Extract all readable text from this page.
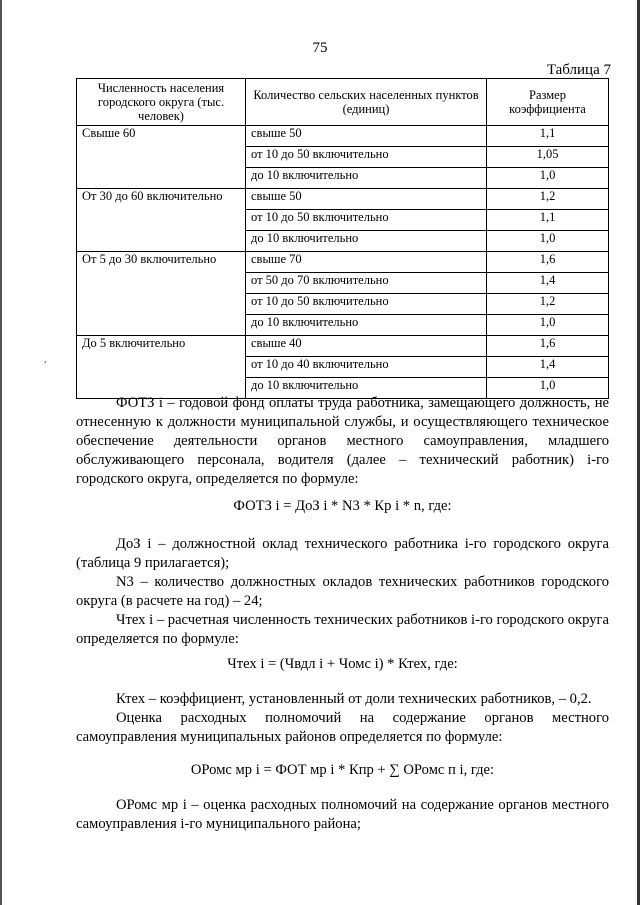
,
75
Таблица 7
Численность населения городского округа (тыс. человек)	Количество сельских населенных пунктов (единиц)	Размер коэффициента
Свыше 60	свыше 50	1,1
	от 10 до 50 включительно	1,05
	до 10 включительно	1,0
От 30 до 60 включительно	свыше 50	1,2
	от 10 до 50 включительно	1,1
	до 10 включительно	1,0
От 5 до 30 включительно	свыше 70	1,6
	от 50 до 70 включительно	1,4
	от 10 до 50 включительно	1,2
	до 10 включительно	1,0
До 5 включительно	свыше 40	1,6
	от 10 до 40 включительно	1,4
	до 10 включительно	1,0

ФОТЗ i – годовой фонд оплаты труда работника, замещающего должность, не отнесенную к должности муниципальной службы, и осуществляющего техническое обеспечение деятельности органов местного самоуправления, младшего обслуживающего персонала, водителя (далее – технический работник) i-го городского округа, определяется по формуле:

ФОТЗ i = ДоЗ i * N3 * Кр i * n, где:

ДоЗ i – должностной оклад технического работника i-го городского округа (таблица 9 прилагается);

N3 – количество должностных окладов технических работников городского округа (в расчете на год) – 24;

Чтех i – расчетная численность технических работников i-го городского округа определяется по формуле:

Чтех i = (Чвдл i + Чомс i) * Ктех, где:

Ктех – коэффициент, установленный от доли технических работников, – 0,2.

Оценка расходных полномочий на содержание органов местного самоуправления муниципальных районов определяется по формуле:

ОРомс мр i = ФОТ мр i * Кпр + ∑ ОРомс п i, где:

ОРомс мр i – оценка расходных полномочий на содержание органов местного самоуправления i-го муниципального района;
